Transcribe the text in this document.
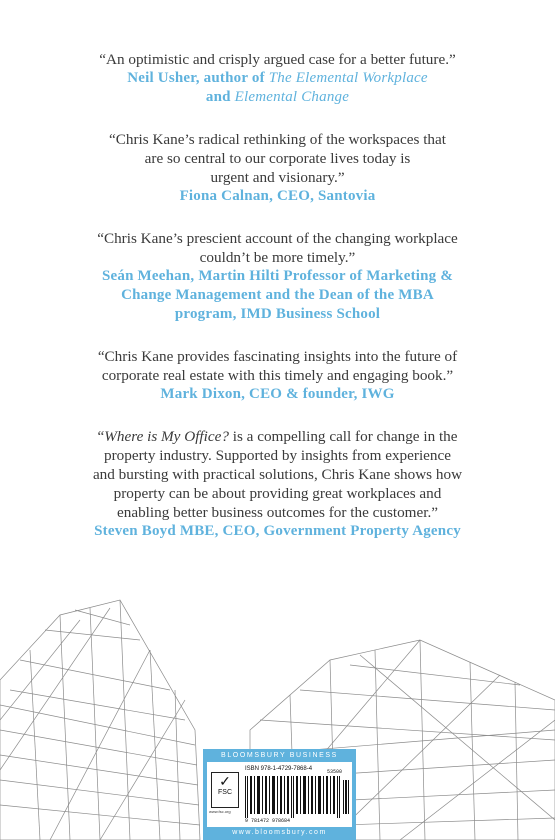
“An optimistic and crisply argued case for a better future.”
Neil Usher, author of The Elemental Workplace
and Elemental Change
“Chris Kane’s radical rethinking of the workspaces that
are so central to our corporate lives today is
urgent and visionary.”
Fiona Calnan, CEO, Santovia
“Chris Kane’s prescient account of the changing workplace
couldn’t be more timely.”
Seán Meehan, Martin Hilti Professor of Marketing &
Change Management and the Dean of the MBA
program, IMD Business School
“Chris Kane provides fascinating insights into the future of
corporate real estate with this timely and engaging book.”
Mark Dixon, CEO & founder, IWG
“Where is My Office? is a compelling call for change in the
property industry. Supported by insights from experience
and bursting with practical solutions, Chris Kane shows how
property can be about providing great workplaces and
enabling better business outcomes for the customer.”
Steven Boyd MBE, CEO, Government Property Agency
BLOOMSBURY BUSINESS
✓
FSC
www.fsc.org
ISBN 978-1-4729-7868-4	53500
9 781472 978684
www.bloomsbury.com
